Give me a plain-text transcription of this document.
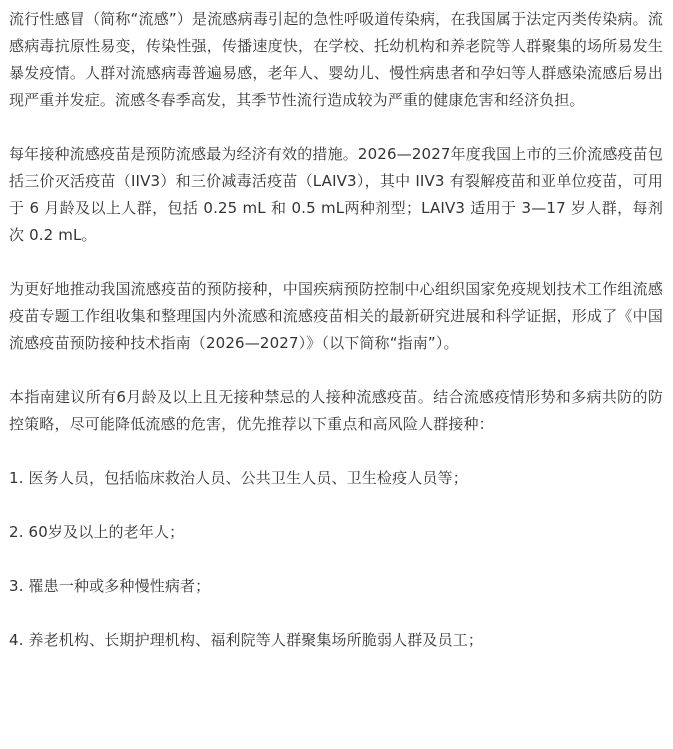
流行性感冒（简称“流感”）是流感病毒引起的急性呼吸道传染病，在我国属于法定丙类传染病。流感病毒抗原性易变，传染性强，传播速度快，在学校、托幼机构和养老院等人群聚集的场所易发生暴发疫情。人群对流感病毒普遍易感，老年人、婴幼儿、慢性病患者和孕妇等人群感染流感后易出现严重并发症。流感冬春季高发，其季节性流行造成较为严重的健康危害和经济负担。

每年接种流感疫苗是预防流感最为经济有效的措施。2026—2027年度我国上市的三价流感疫苗包括三价灭活疫苗（IIV3）和三价减毒活疫苗（LAIV3），其中 IIV3 有裂解疫苗和亚单位疫苗，可用于 6 月龄及以上人群，包括 0.25 mL 和 0.5 mL两种剂型；LAIV3 适用于 3—17 岁人群，每剂次 0.2 mL。

为更好地推动我国流感疫苗的预防接种，中国疾病预防控制中心组织国家免疫规划技术工作组流感疫苗专题工作组收集和整理国内外流感和流感疫苗相关的最新研究进展和科学证据，形成了《中国流感疫苗预防接种技术指南（2026—2027）》（以下简称“指南”）。

本指南建议所有6月龄及以上且无接种禁忌的人接种流感疫苗。结合流感疫情形势和多病共防的防控策略，尽可能降低流感的危害，优先推荐以下重点和高风险人群接种：

1. 医务人员，包括临床救治人员、公共卫生人员、卫生检疫人员等；

2. 60岁及以上的老年人；

3. 罹患一种或多种慢性病者；

4. 养老机构、长期护理机构、福利院等人群聚集场所脆弱人群及员工；
